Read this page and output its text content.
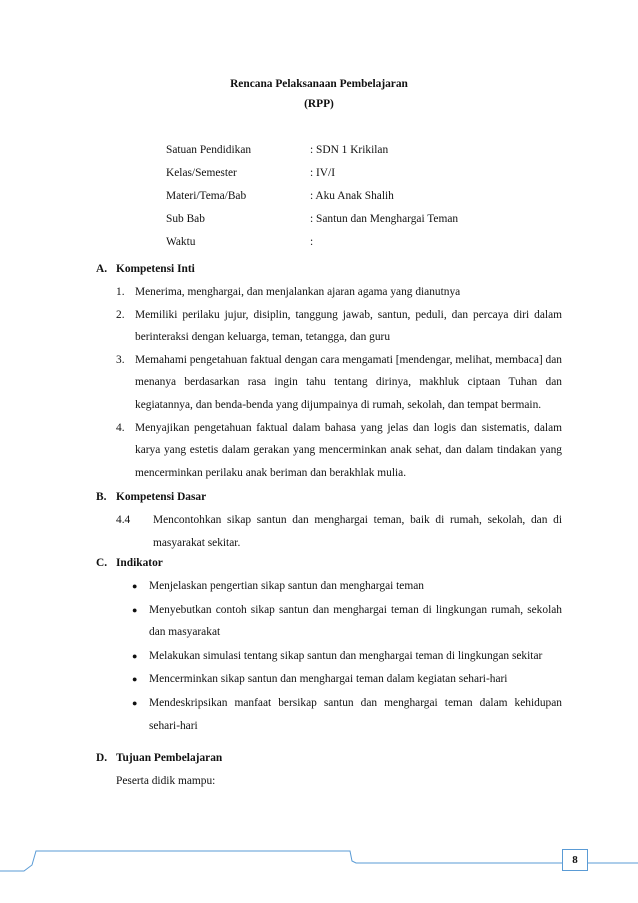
Rencana Pelaksanaan Pembelajaran
(RPP)
Satuan Pendidikan	: SDN 1 Krikilan
Kelas/Semester	: IV/I
Materi/Tema/Bab	: Aku Anak Shalih
Sub Bab	: Santun dan Menghargai Teman
Waktu	:
A. Kompetensi Inti
1. Menerima, menghargai, dan menjalankan ajaran agama yang dianutnya
2. Memiliki perilaku jujur, disiplin, tanggung jawab, santun, peduli, dan percaya diri dalam berinteraksi dengan keluarga, teman, tetangga, dan guru
3. Memahami pengetahuan faktual dengan cara mengamati [mendengar, melihat, membaca] dan menanya berdasarkan rasa ingin tahu tentang dirinya, makhluk ciptaan Tuhan dan kegiatannya, dan benda-benda yang dijumpainya di rumah, sekolah, dan tempat bermain.
4. Menyajikan pengetahuan faktual dalam bahasa yang jelas dan logis dan sistematis, dalam karya yang estetis dalam gerakan yang mencerminkan anak sehat, dan dalam tindakan yang mencerminkan perilaku anak beriman dan berakhlak mulia.
B. Kompetensi Dasar
4.4	Mencontohkan sikap santun dan menghargai teman, baik di rumah, sekolah, dan di masyarakat sekitar.
C. Indikator
●	Menjelaskan pengertian sikap santun dan menghargai teman
●	Menyebutkan contoh sikap santun dan menghargai teman di lingkungan rumah, sekolah dan masyarakat
●	Melakukan simulasi tentang sikap santun dan menghargai teman di lingkungan sekitar
●	Mencerminkan sikap santun dan menghargai teman dalam kegiatan sehari-hari
●	Mendeskripsikan manfaat bersikap santun dan menghargai teman dalam kehidupan sehari-hari
D. Tujuan Pembelajaran
Peserta didik mampu:
8
